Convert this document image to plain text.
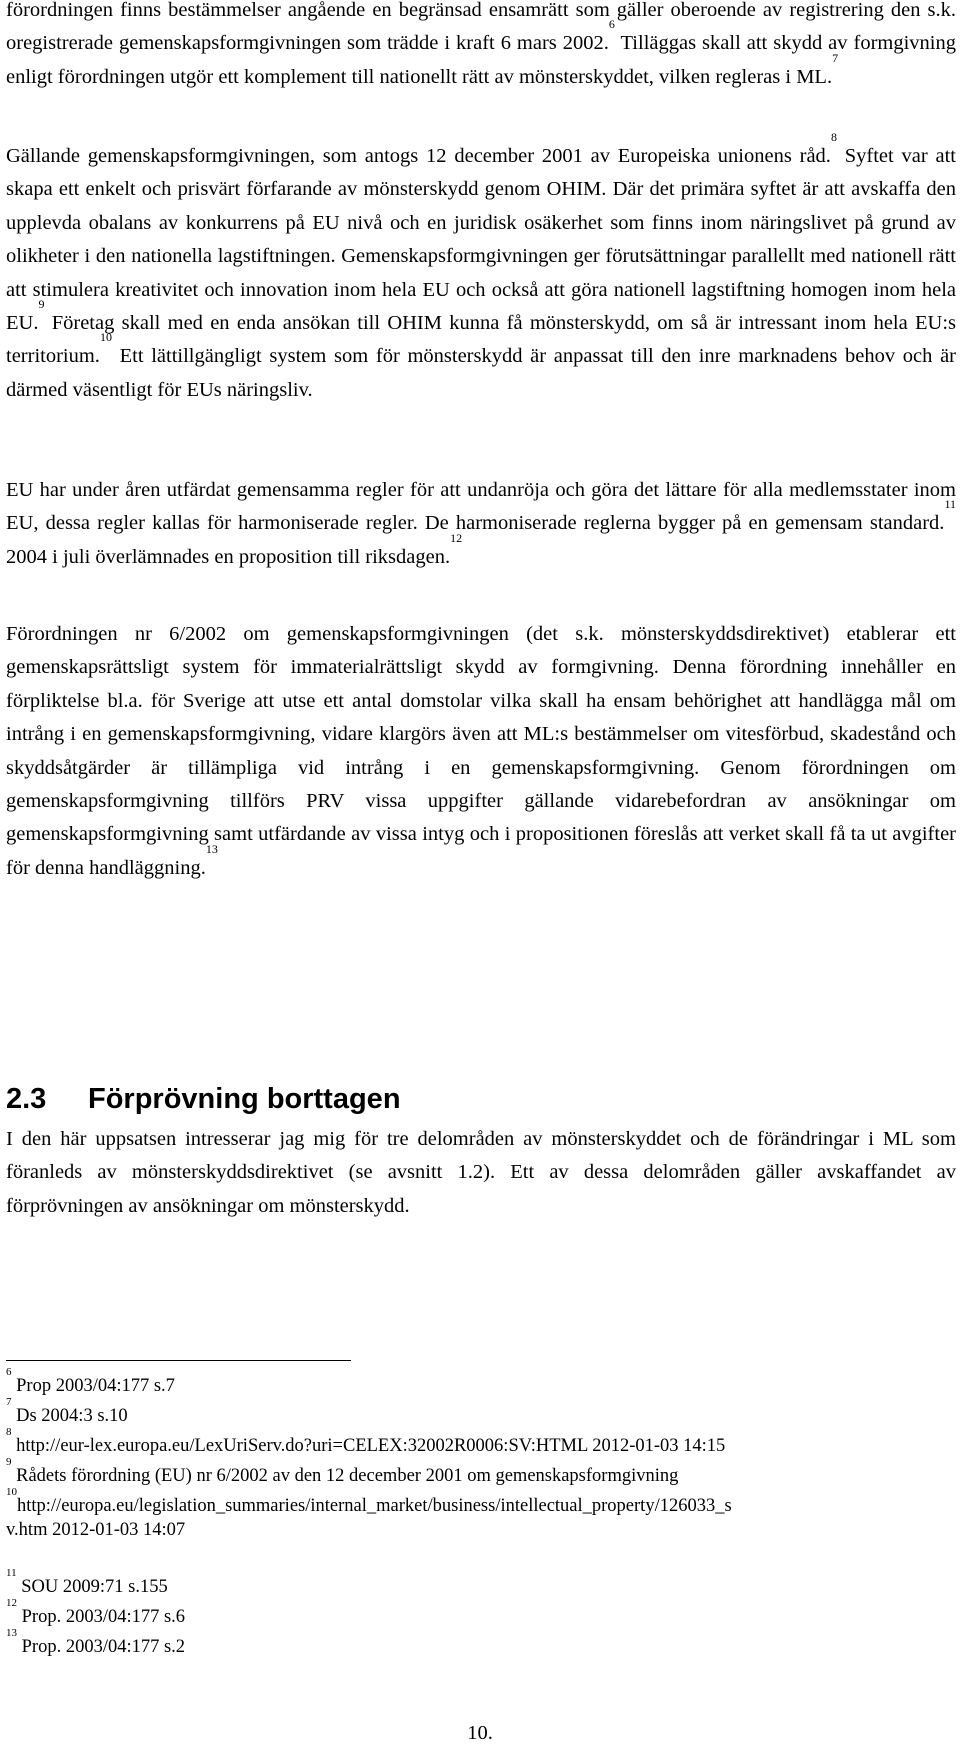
förordningen finns bestämmelser angående en begränsad ensamrätt som gäller oberoende av registrering den s.k. oregistrerade gemenskapsformgivningen som trädde i kraft 6 mars 2002.$^6$ Tilläggas skall att skydd av formgivning enligt förordningen utgör ett komplement till nationellt rätt av mönsterskyddet, vilken regleras i ML.$^7$

Gällande gemenskapsformgivningen, som antogs 12 december 2001 av Europeiska unionens råd.$^8$ Syftet var att skapa ett enkelt och prisvärt förfarande av mönsterskydd genom OHIM. Där det primära syftet är att avskaffa den upplevda obalans av konkurrens på EU nivå och en juridisk osäkerhet som finns inom näringslivet på grund av olikheter i den nationella lagstiftningen. Gemenskapsformgivningen ger förutsättningar parallellt med nationell rätt att stimulera kreativitet och innovation inom hela EU och också att göra nationell lagstiftning homogen inom hela EU.$^9$ Företag skall med en enda ansökan till OHIM kunna få mönsterskydd, om så är intressant inom hela EU:s territorium.$^{10}$ Ett lättillgängligt system som för mönsterskydd är anpassat till den inre marknadens behov och är därmed väsentligt för EUs näringsliv.

EU har under åren utfärdat gemensamma regler för att undanröja och göra det lättare för alla medlemsstater inom EU, dessa regler kallas för harmoniserade regler. De harmoniserade reglerna bygger på en gemensam standard.$^{11}$ 2004 i juli överlämnades en proposition till riksdagen.$^{12}$

Förordningen nr 6/2002 om gemenskapsformgivningen (det s.k. mönsterskyddsdirektivet) etablerar ett gemenskapsrättsligt system för immaterialrättsligt skydd av formgivning. Denna förordning innehåller en förpliktelse bl.a. för Sverige att utse ett antal domstolar vilka skall ha ensam behörighet att handlägga mål om intrång i en gemenskapsformgivning, vidare klargörs även att ML:s bestämmelser om vitesförbud, skadestånd och skyddsåtgärder är tillämpliga vid intrång i en gemenskapsformgivning. Genom förordningen om gemenskapsformgivning tillförs PRV vissa uppgifter gällande vidarebefordran av ansökningar om gemenskapsformgivning samt utfärdande av vissa intyg och i propositionen föreslås att verket skall få ta ut avgifter för denna handläggning.$^{13}$

I den här uppsatsen intresserar jag mig för tre delområden av mönsterskyddet och de förändringar i ML som föranleds av mönsterskyddsdirektivet (se avsnitt 1.2). Ett av dessa delområden gäller avskaffandet av förprövningen av ansökningar om mönsterskydd.

2.3 Förprövning borttagen

$^6$ Prop 2003/04:177 s.7

$^7$ Ds 2004:3 s.10

$^8$ http://eur-lex.europa.eu/LexUriServ.do?uri=CELEX:32002R0006:SV:HTML 2012-01-03 14:15

$^9$ Rådets förordning (EU) nr 6/2002 av den 12 december 2001 om gemenskapsformgivning

$^{10}$http://europa.eu/legislation_summaries/internal_market/business/intellectual_property/126033_s
v.htm 2012-01-03 14:07

$^{11}$ SOU 2009:71 s.155

$^{12}$ Prop. 2003/04:177 s.6

$^{13}$ Prop. 2003/04:177 s.2

10.
